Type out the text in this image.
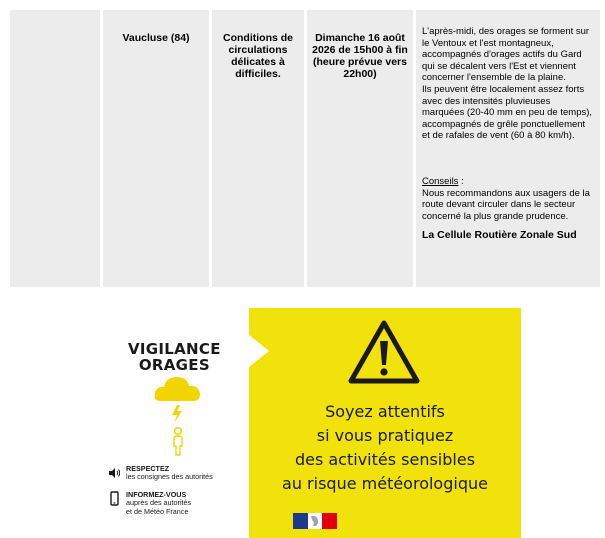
Vaucluse (84)	Conditions de circulations délicates à difficiles.
Dimanche 16 août 2026 de 15h00 à fin (heure prévue vers 22h00)

L'après-midi, des orages se forment sur le Ventoux et l'est montagneux, accompagnés d'orages actifs du Gard qui se décalent vers l'Est et viennent concerner l'ensemble de la plaine.

Ils peuvent être localement assez forts avec des intensités pluvieuses marquées (20-40 mm en peu de temps), accompagnés de grêle ponctuellement et de rafales de vent (60 à 80 km/h).

Conseils :

Nous recommandons aux usagers de la route devant circuler dans le secteur concerné la plus grande prudence.

La Cellule Routière Zonale Sud

VIGILANCE
ORAGES
RESPECTEZ
les consignes des autorités
INFORMEZ-VOUS
auprès des autorités
et de Météo France
Soyez attentifs
si vous pratiquez
des activités sensibles
au risque météorologique
